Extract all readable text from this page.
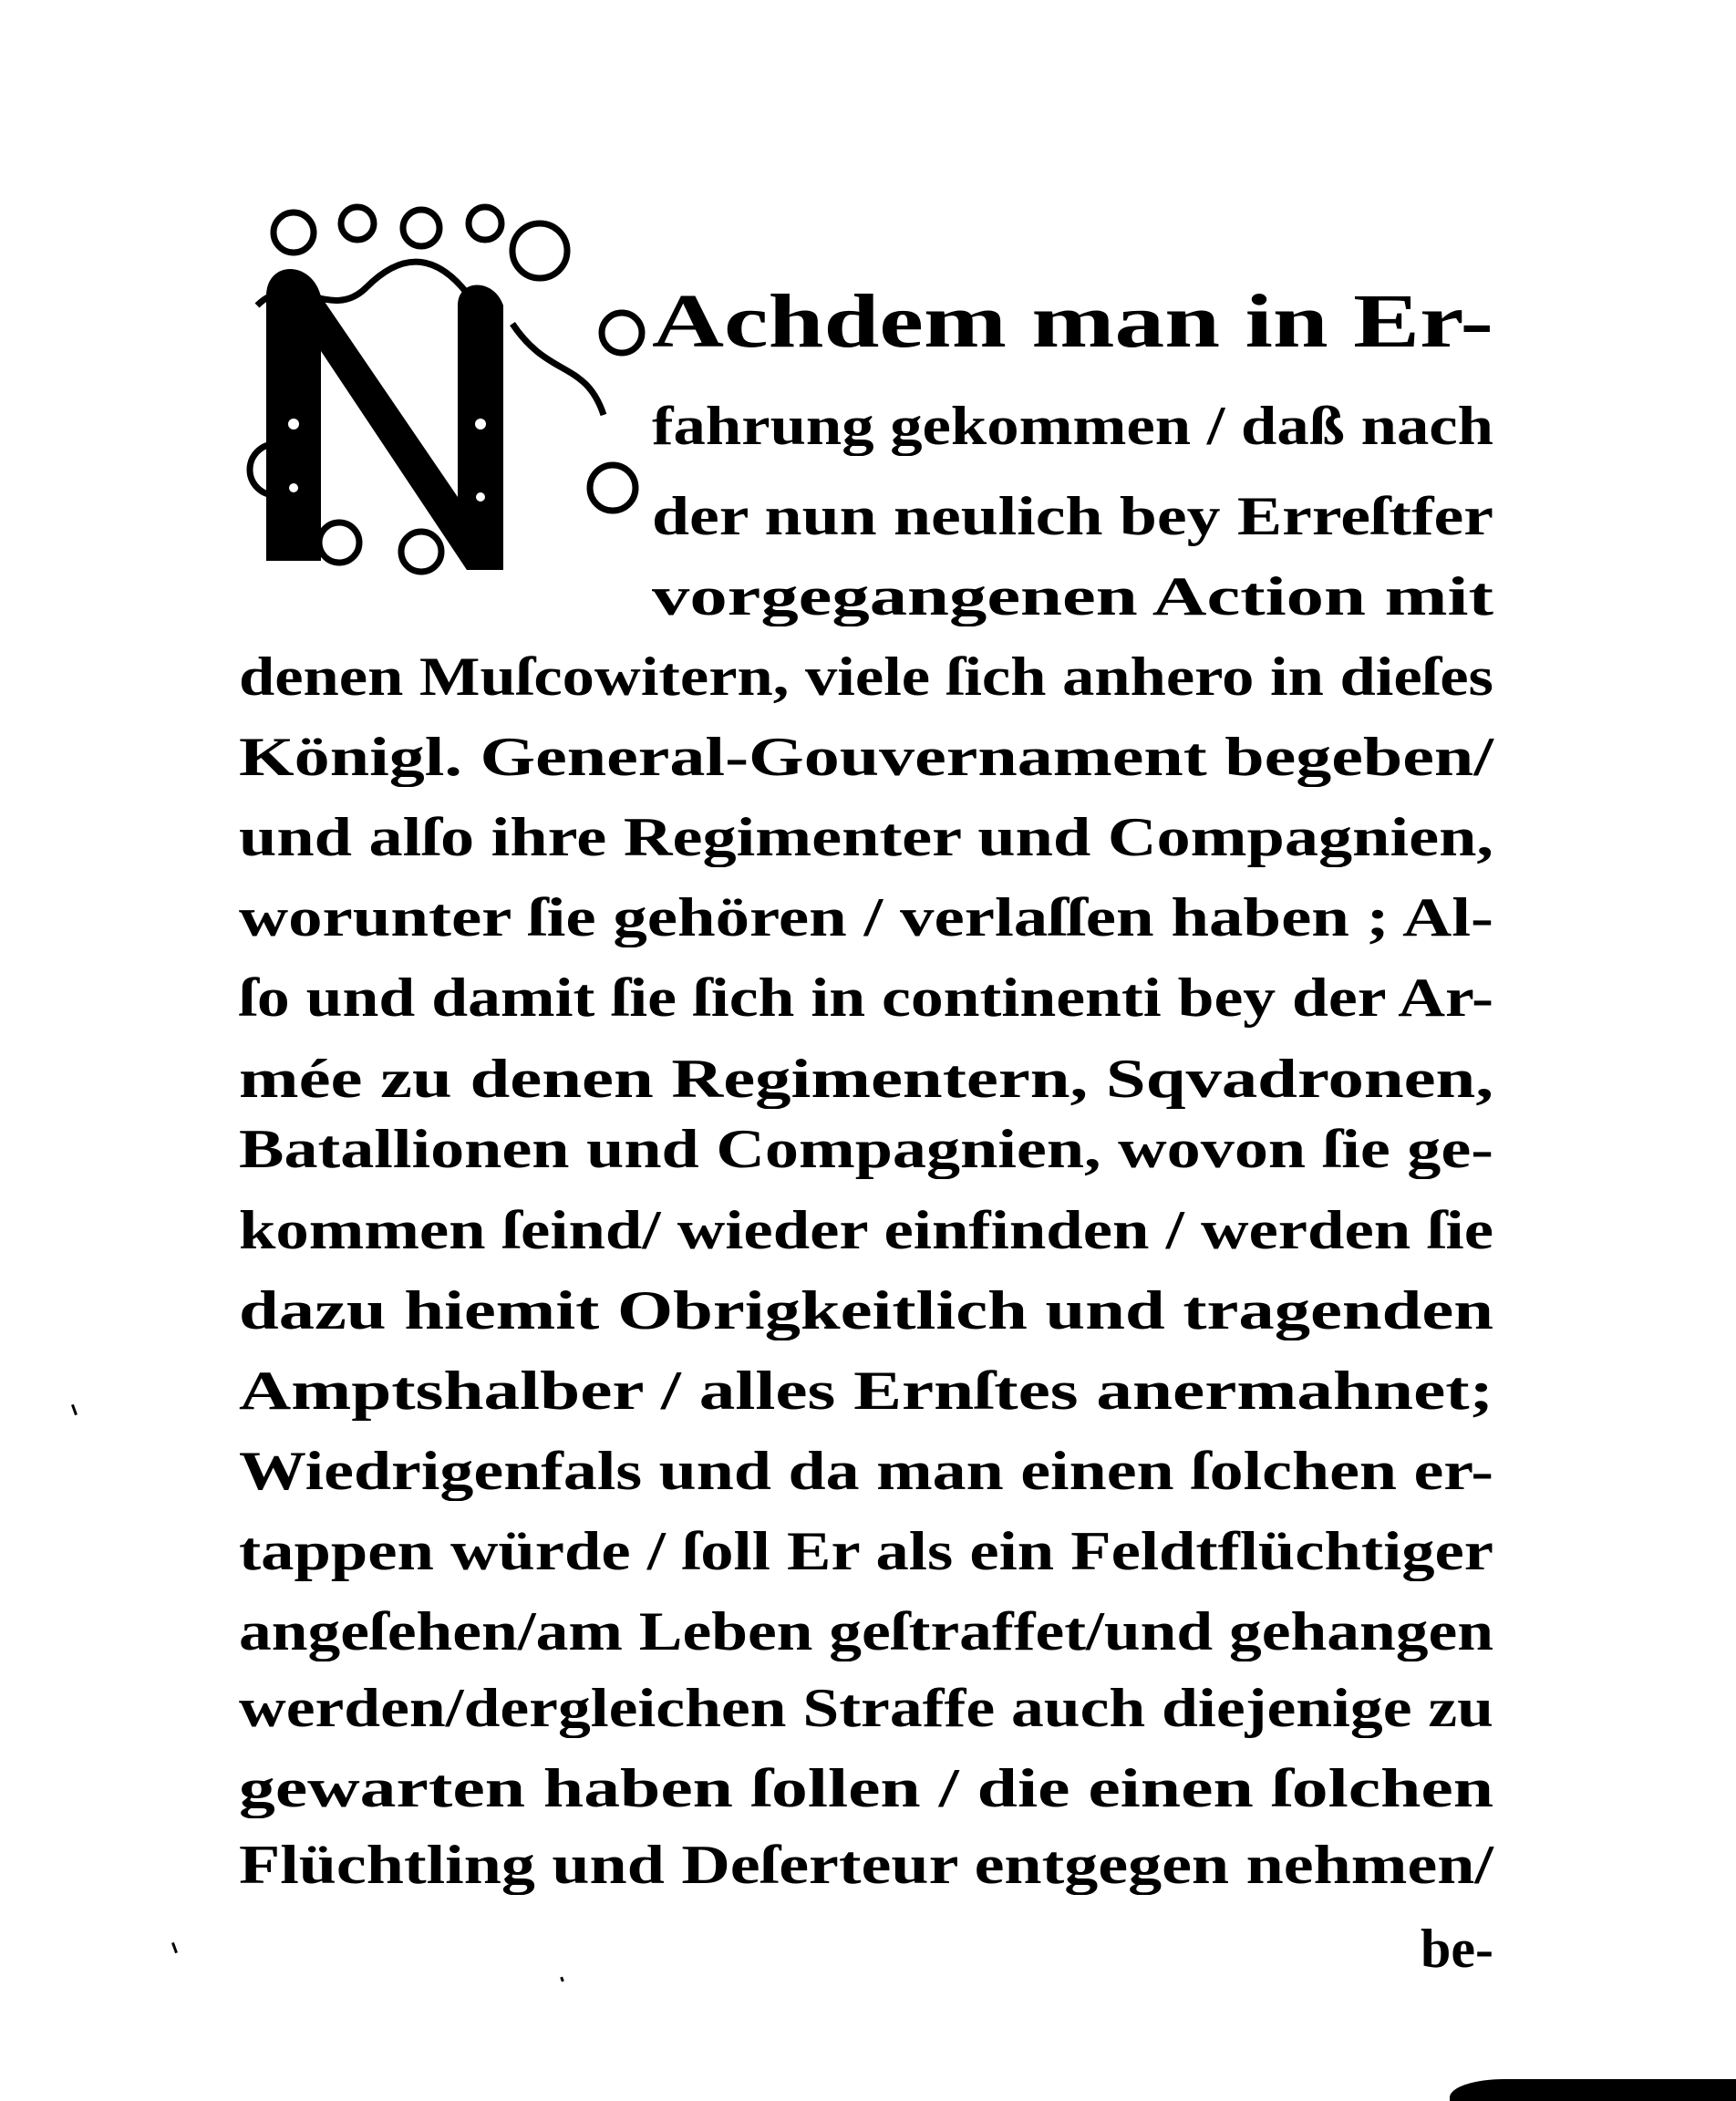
Achdem man in Er-
fahrung gekommen / daß nach
der nun neulich bey Erreſtfer
vorgegangenen Action mit
denen Muſcowitern, viele ſich anhero in dieſes
Königl. General-Gouvernament begeben/
und alſo ihre Regimenter und Compagnien,
worunter ſie gehören / verlaſſen haben ; Al-
ſo und damit ſie ſich in continenti bey der Ar-
mée zu denen Regimentern, Sqvadronen,
Batallionen und Compagnien, wovon ſie ge-
kommen ſeind/ wieder einfinden / werden ſie
dazu hiemit Obrigkeitlich und tragenden
Amptshalber / alles Ernſtes anermahnet;
Wiedrigenfals und da man einen ſolchen er-
tappen würde / ſoll Er als ein Feldtflüchtiger
angeſehen/am Leben geſtraffet/und gehangen
werden/dergleichen Straffe auch diejenige zu
gewarten haben ſollen / die einen ſolchen
Flüchtling und Deſerteur entgegen nehmen/
be-
